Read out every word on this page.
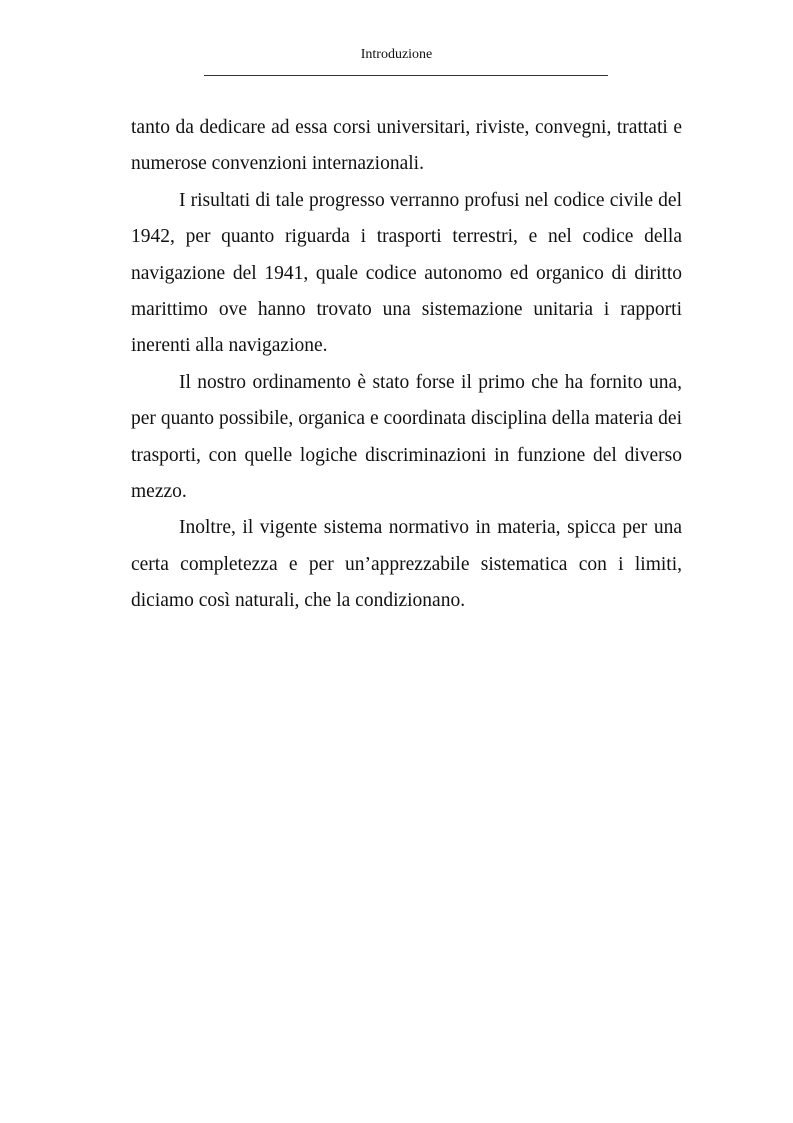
Introduzione

tanto da dedicare ad essa corsi universitari, riviste, convegni, trattati e numerose convenzioni internazionali.

I risultati di tale progresso verranno profusi nel codice civile del 1942, per quanto riguarda i trasporti terrestri, e nel codice della navigazione del 1941, quale codice autonomo ed organico di diritto marittimo ove hanno trovato una sistemazione unitaria i rapporti inerenti alla navigazione.

Il nostro ordinamento è stato forse il primo che ha fornito una, per quanto possibile, organica e coordinata disciplina della materia dei trasporti, con quelle logiche discriminazioni in funzione del diverso mezzo.

Inoltre, il vigente sistema normativo in materia, spicca per una certa completezza e per un’apprezzabile sistematica con i limiti, diciamo così naturali, che la condizionano.
